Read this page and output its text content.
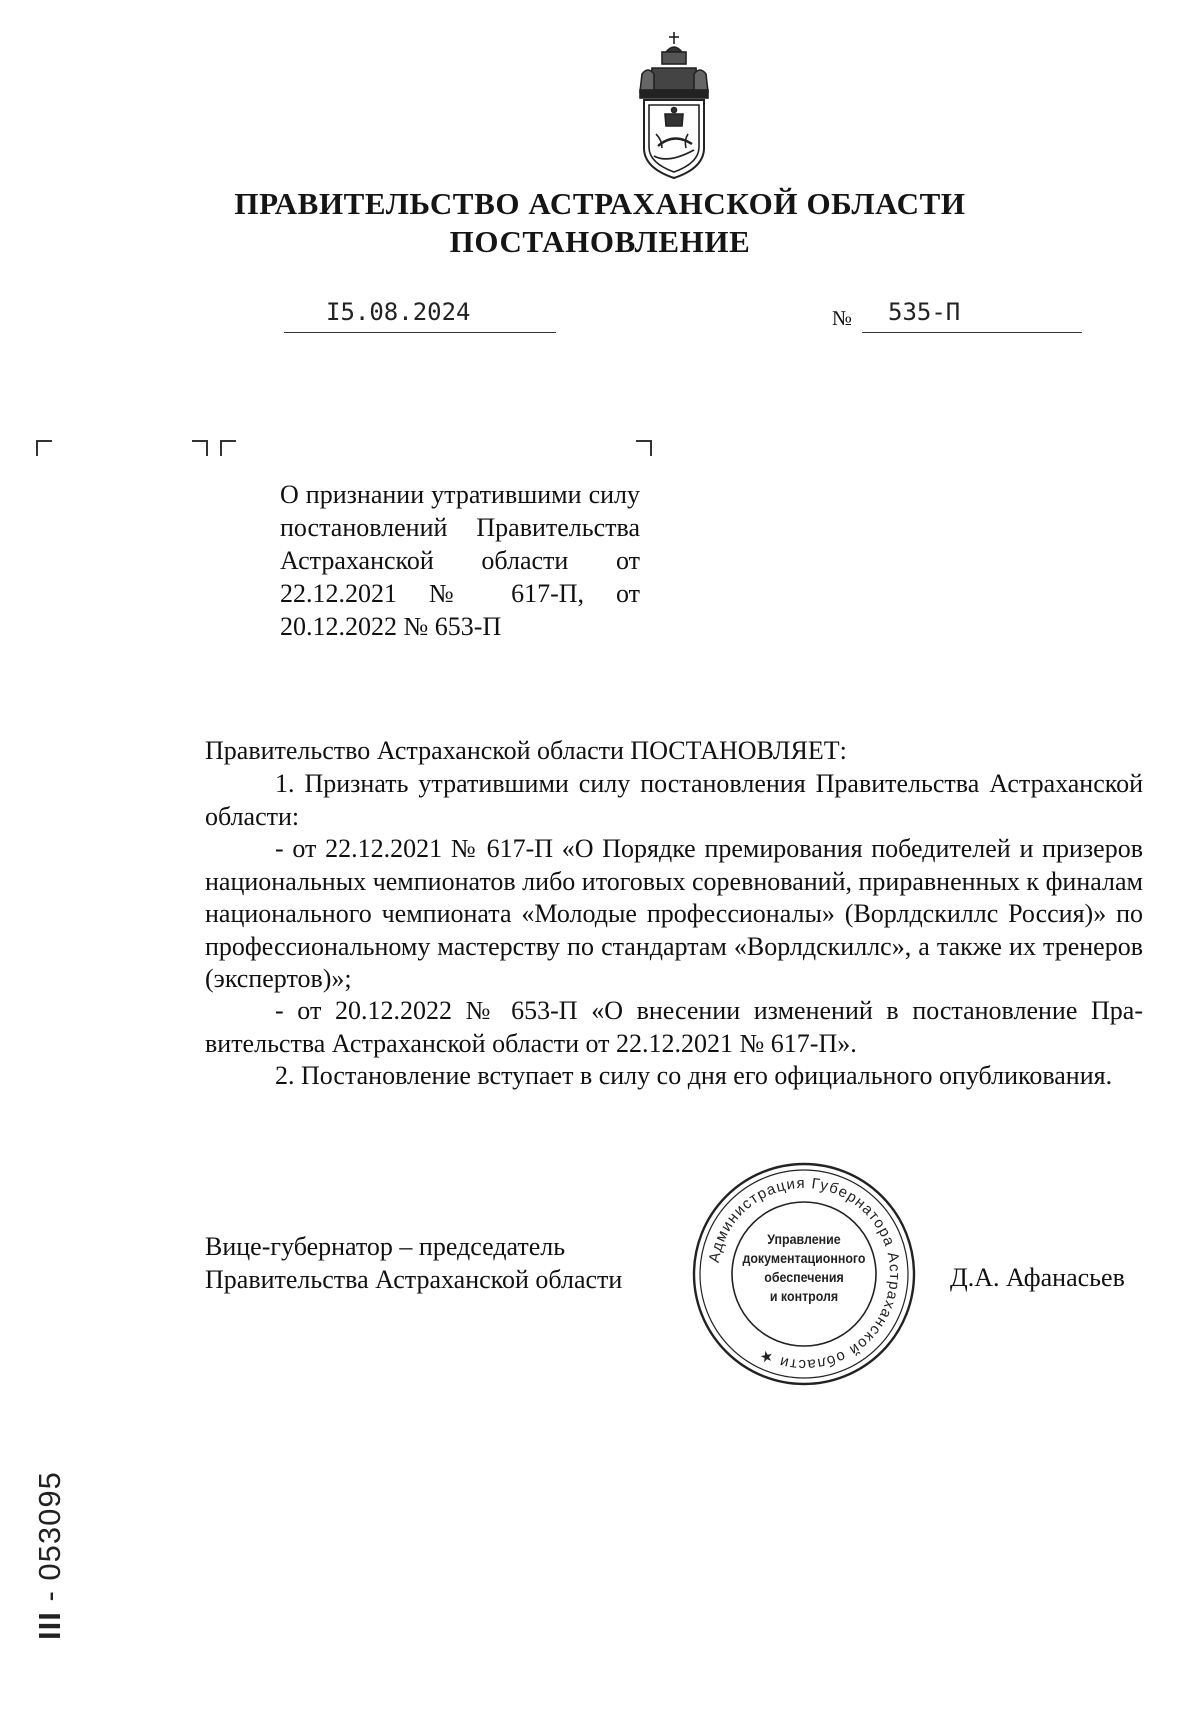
ПРАВИТЕЛЬСТВО АСТРАХАНСКОЙ ОБЛАСТИ
ПОСТАНОВЛЕНИЕ
I5.08.2024	№ 535-П

О признании утратившими силу постановлений Правительства Астраханской области от 22.12.2021 № 617-П, от 20.12.2022 № 653-П

Правительство Астраханской области ПОСТАНОВЛЯЕТ:

1. Признать утратившими силу постановления Правительства Астраханской области:

- от 22.12.2021 № 617-П «О Порядке премирования победителей и призеров национальных чемпионатов либо итоговых соревнований, приравненных к финалам национального чемпионата «Молодые профессионалы» (Ворлдскиллс Россия)» по профессиональному мастерству по стандартам «Ворлдскиллс», а также их тренеров (экспертов)»;

- от 20.12.2022 № 653-П «О внесении изменений в постановление Правительства Астраханской области от 22.12.2021 № 617-П».

2. Постановление вступает в силу со дня его официального опубликования.

Вице-губернатор – председатель
Правительства Астраханской области	Д.А. Афанасьев
Администрация Губернатора Астраханской области ★
Управление
документационного
обеспечения
и контроля
III - 053095
